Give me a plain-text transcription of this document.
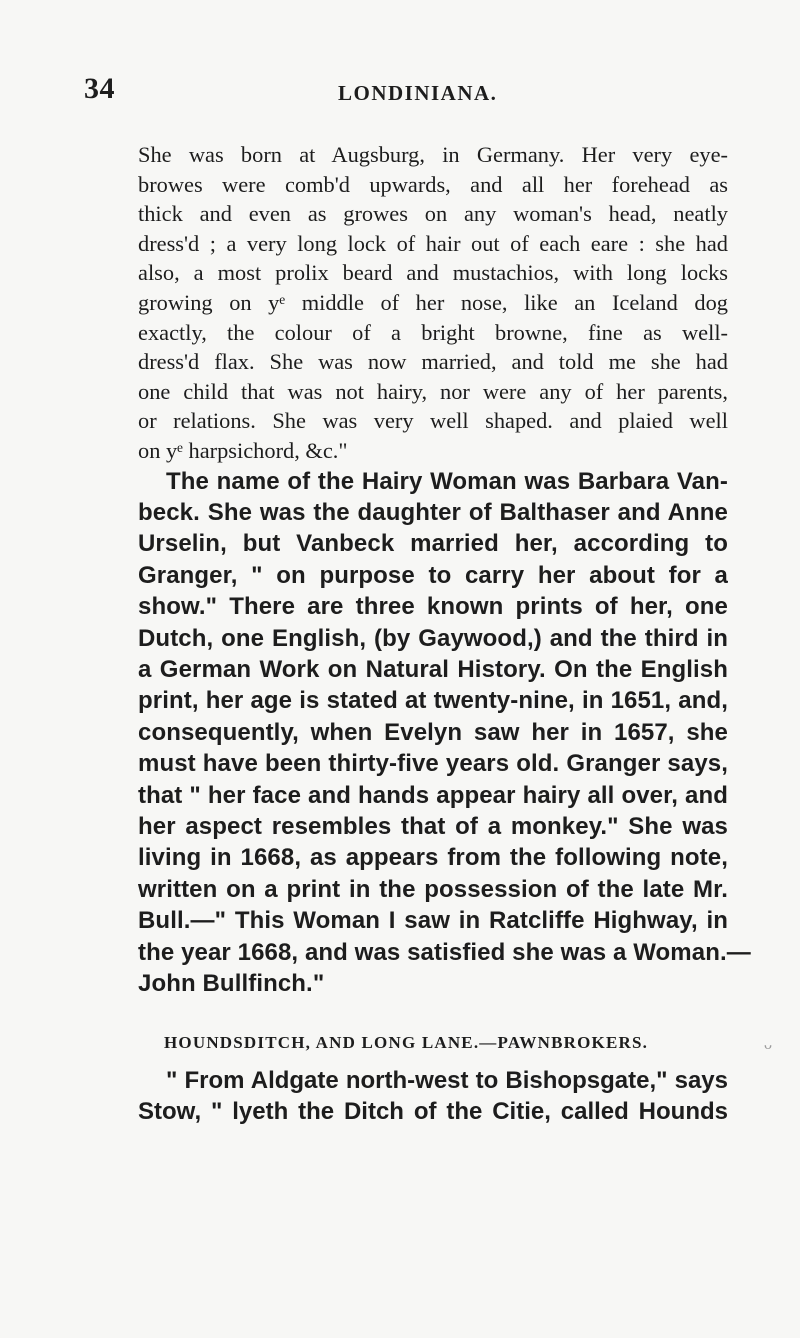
34	LONDINIANA.
She was born at Augsburg, in Germany. Her very eye-
browes were comb'd upwards, and all her forehead as
thick and even as growes on any woman's head, neatly
dress'd ; a very long lock of hair out of each eare : she had
also, a most prolix beard and mustachios, with long locks
growing on yᵉ middle of her nose, like an Iceland dog
exactly, the colour of a bright browne, fine as well-
dress'd flax. She was now married, and told me she had
one child that was not hairy, nor were any of her parents,
or relations. She was very well shaped. and plaied well
on yᵉ harpsichord, &c."
The name of the Hairy Woman was Barbara Van-
beck. She was the daughter of Balthaser and Anne
Urselin, but Vanbeck married her, according to
Granger, " on purpose to carry her about for a
show." There are three known prints of her, one
Dutch, one English, (by Gaywood,) and the third in
a German Work on Natural History. On the English
print, her age is stated at twenty-nine, in 1651, and,
consequently, when Evelyn saw her in 1657, she
must have been thirty-five years old. Granger says,
that " her face and hands appear hairy all over, and
her aspect resembles that of a monkey." She was
living in 1668, as appears from the following note,
written on a print in the possession of the late Mr.
Bull.—" This Woman I saw in Ratcliffe Highway, in
the year 1668, and was satisfied she was a Woman.—
John Bullfinch."
HOUNDSDITCH, AND LONG LANE.—PAWNBROKERS.
" From Aldgate north-west to Bishopsgate," says
Stow, " lyeth the Ditch of the Citie, called Hounds
ᴗ
